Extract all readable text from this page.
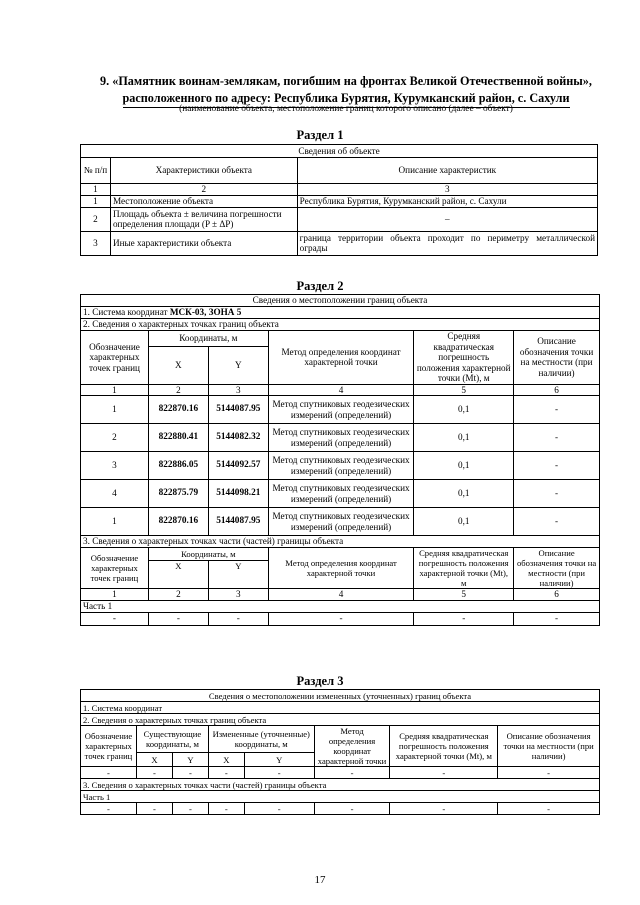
9. «Памятник воинам-землякам, погибшим на фронтах Великой Отечественной войны»,
расположенного по адресу: Республика Бурятия, Курумканский район, с. Сахули
(наименование объекта, местоположение границ которого описано (далее – объект)
Раздел 1
Сведения об объекте		
№ п/п	Характеристики объекта	Описание характеристик
1	2	3
1	Местоположение объекта	Республика Бурятия, Курумканский район, с. Сахули
2	Площадь объекта ± величина погрешности определения площади (P ± ΔP)	–
3	Иные характеристики объекта	граница территории объекта проходит по периметру металлической ограды
Раздел 2
Сведения о местоположении границ объекта					
1. Система координат МСК-03, ЗОНА 5					
2. Сведения о характерных точках границ объекта					
Обозначение характерных точек границ	Координаты, м		Метод определения координат характерной точки	Средняя квадратическая погрешность положения характерной точки (Mt), м	Описание обозначения точки на местности (при наличии)
	X	Y			
1	2	3	4	5	6
1	822870.16	5144087.95	Метод спутниковых геодезических измерений (определений)	0,1	-
2	822880.41	5144082.32	Метод спутниковых геодезических измерений (определений)	0,1	-
3	822886.05	5144092.57	Метод спутниковых геодезических измерений (определений)	0,1	-
4	822875.79	5144098.21	Метод спутниковых геодезических измерений (определений)	0,1	-
1	822870.16	5144087.95	Метод спутниковых геодезических измерений (определений)	0,1	-
3. Сведения о характерных точках части (частей) границы объекта					
Обозначение характерных точек границ	Координаты, м		Метод определения координат характерной точки	Средняя квадратическая погрешность положения характерной точки (Mt), м	Описание обозначения точки на местности (при наличии)
	X	Y			
1	2	3	4	5	6
Часть 1					
-	-	-	-	-	-
Раздел 3
Сведения о местоположении измененных (уточненных) границ объекта							
1. Система координат							
2. Сведения о характерных точках границ объекта							
Обозначение характерных точек границ	Существующие координаты, м		Измененные (уточненные) координаты, м		Метод определения координат характерной точки	Средняя квадратическая погрешность положения характерной точки (Mt), м	Описание обозначения точки на местности (при наличии)
	X	Y	X	Y			
-	-	-	-	-	-	-	-
3. Сведения о характерных точках части (частей) границы объекта							
Часть 1							
-	-	-	-	-	-	-	-
17
